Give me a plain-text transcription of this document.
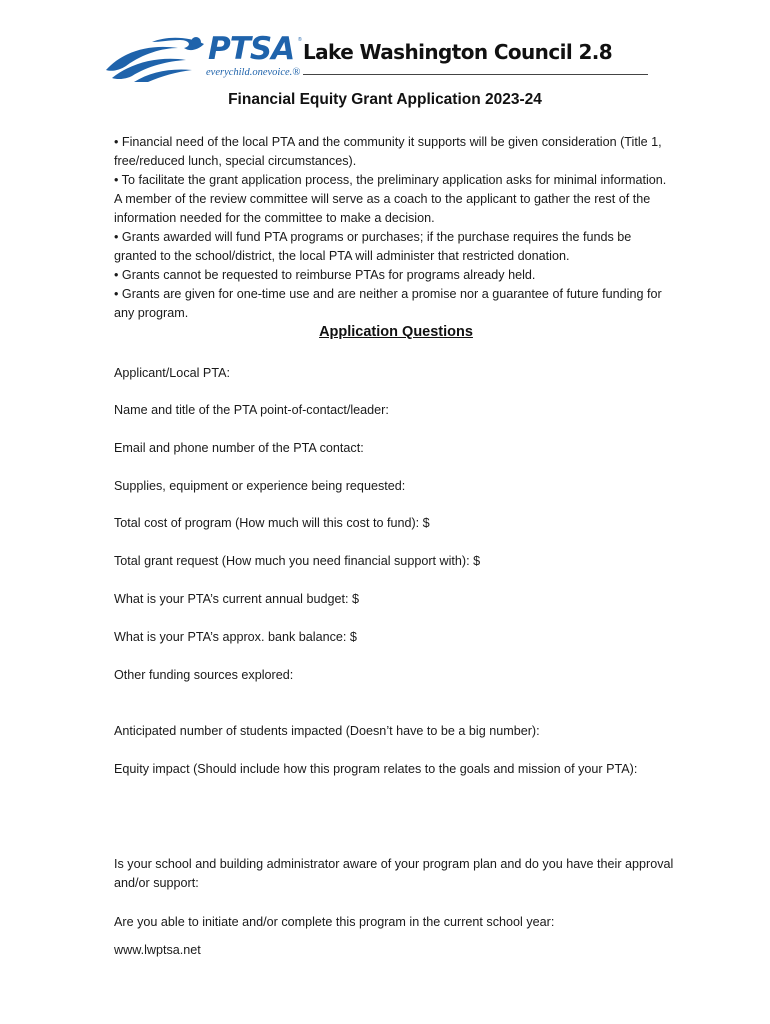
PTSA ® Lake Washington Council 2.8
everychild.onevoice.®
Financial Equity Grant Application 2023-24

• Financial need of the local PTA and the community it supports will be given consideration (Title 1, free/reduced lunch, special circumstances).

• To facilitate the grant application process, the preliminary application asks for minimal information. A member of the review committee will serve as a coach to the applicant to gather the rest of the information needed for the committee to make a decision.

• Grants awarded will fund PTA programs or purchases; if the purchase requires the funds be granted to the school/district, the local PTA will administer that restricted donation.

• Grants cannot be requested to reimburse PTAs for programs already held.

• Grants are given for one-time use and are neither a promise nor a guarantee of future funding for any program.

Application Questions
Applicant/Local PTA:
Name and title of the PTA point-of-contact/leader:
Email and phone number of the PTA contact:
Supplies, equipment or experience being requested:
Total cost of program (How much will this cost to fund): $
Total grant request (How much you need financial support with): $
What is your PTA’s current annual budget: $
What is your PTA’s approx. bank balance: $
Other funding sources explored:
Anticipated number of students impacted (Doesn’t have to be a big number):
Equity impact (Should include how this program relates to the goals and mission of your PTA):
Is your school and building administrator aware of your program plan and do you have their approval and/or support:
Are you able to initiate and/or complete this program in the current school year:
www.lwptsa.net
